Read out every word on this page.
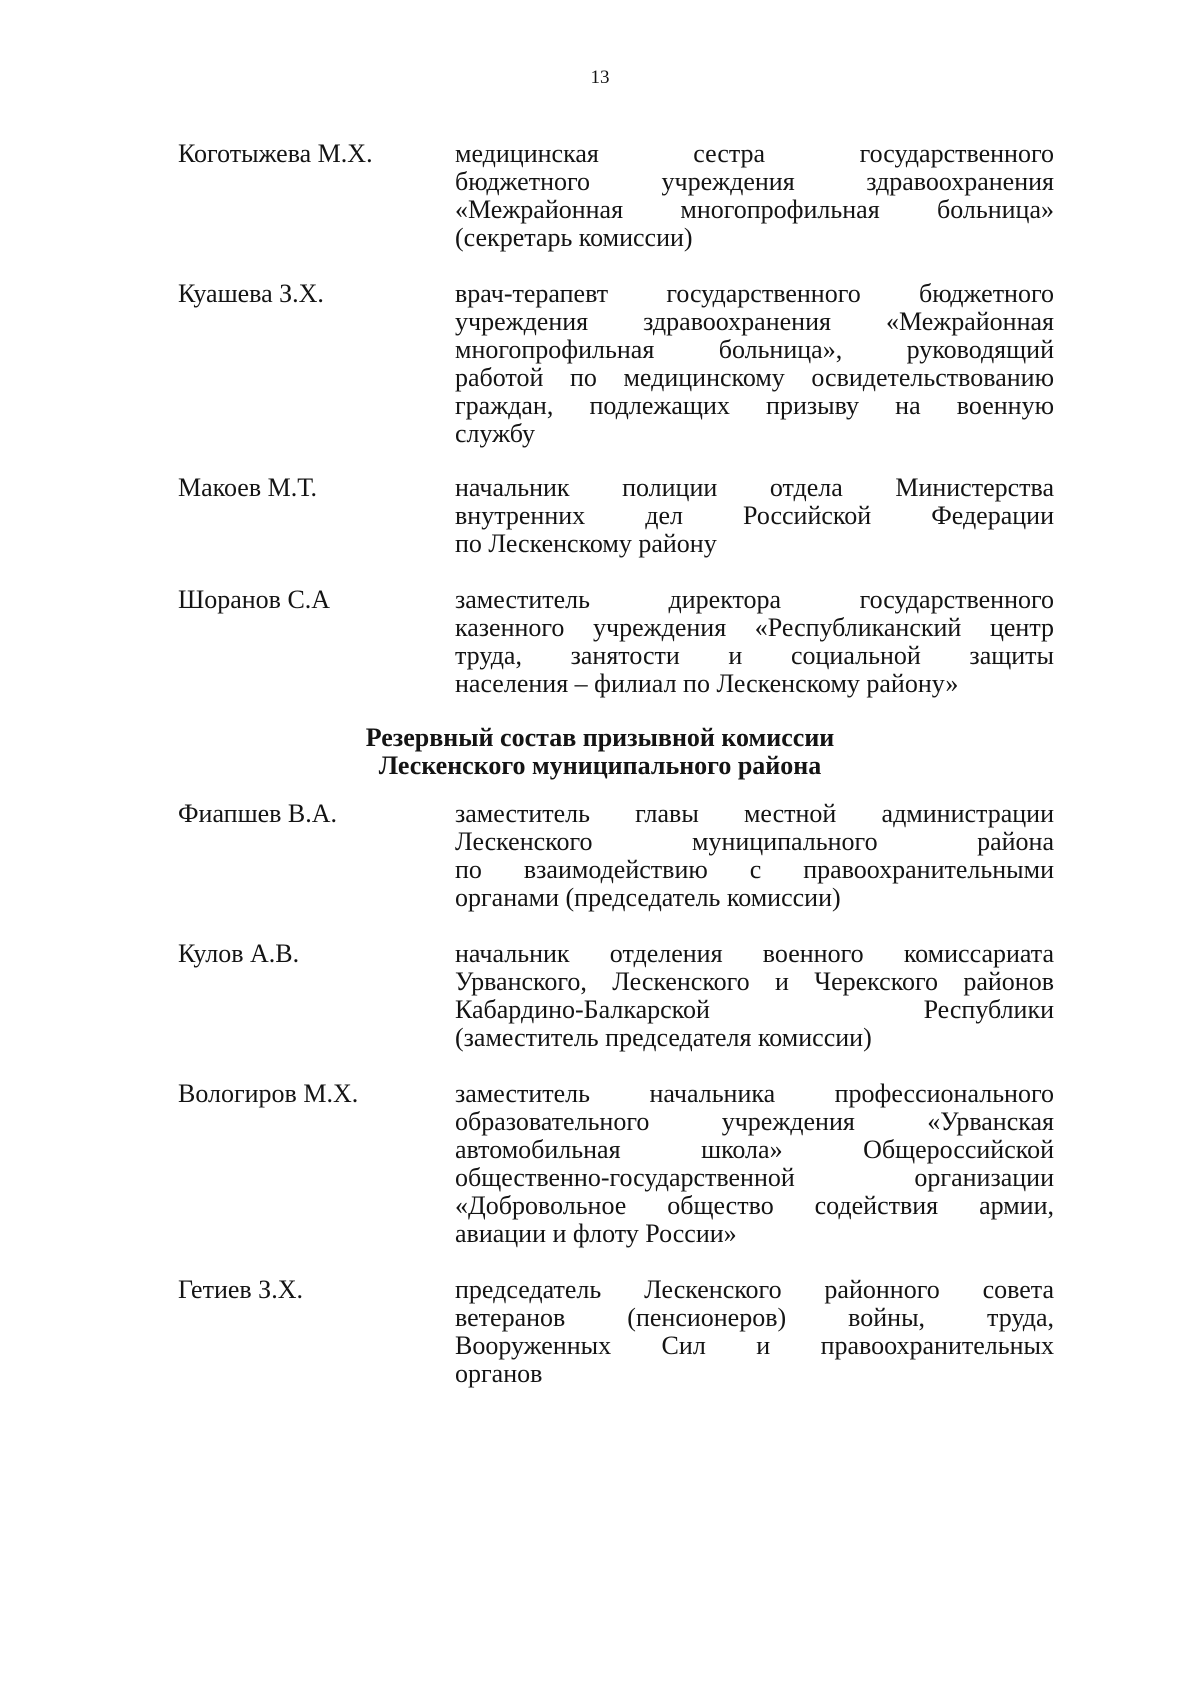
13
Коготыжева М.Х.	медицинская сестра государственного
бюджетного учреждения здравоохранения
«Межрайонная многопрофильная больница»
(секретарь комиссии)
Куашева З.Х.	врач-терапевт государственного бюджетного
учреждения здравоохранения «Межрайонная
многопрофильная больница», руководящий
работой по медицинскому освидетельствованию
граждан, подлежащих призыву на военную
службу
Макоев М.Т.	начальник полиции отдела Министерства
внутренних дел Российской Федерации
по Лескенскому району
Шоранов С.А	заместитель директора государственного
казенного учреждения «Республиканский центр
труда, занятости и социальной защиты
населения – филиал по Лескенскому району»
Резервный состав призывной комиссии
Лескенского муниципального района
Фиапшев В.А.	заместитель главы местной администрации
Лескенского муниципального района
по взаимодействию с правоохранительными
органами (председатель комиссии)
Кулов А.В.	начальник отделения военного комиссариата
Урванского, Лескенского и Черекского районов
Кабардино-Балкарской Республики
(заместитель председателя комиссии)
Вологиров М.Х.	заместитель начальника профессионального
образовательного учреждения «Урванская
автомобильная школа» Общероссийской
общественно-государственной организации
«Добровольное общество содействия армии,
авиации и флоту России»
Гетиев З.Х.	председатель Лескенского районного совета
ветеранов (пенсионеров) войны, труда,
Вооруженных Сил и правоохранительных
органов
